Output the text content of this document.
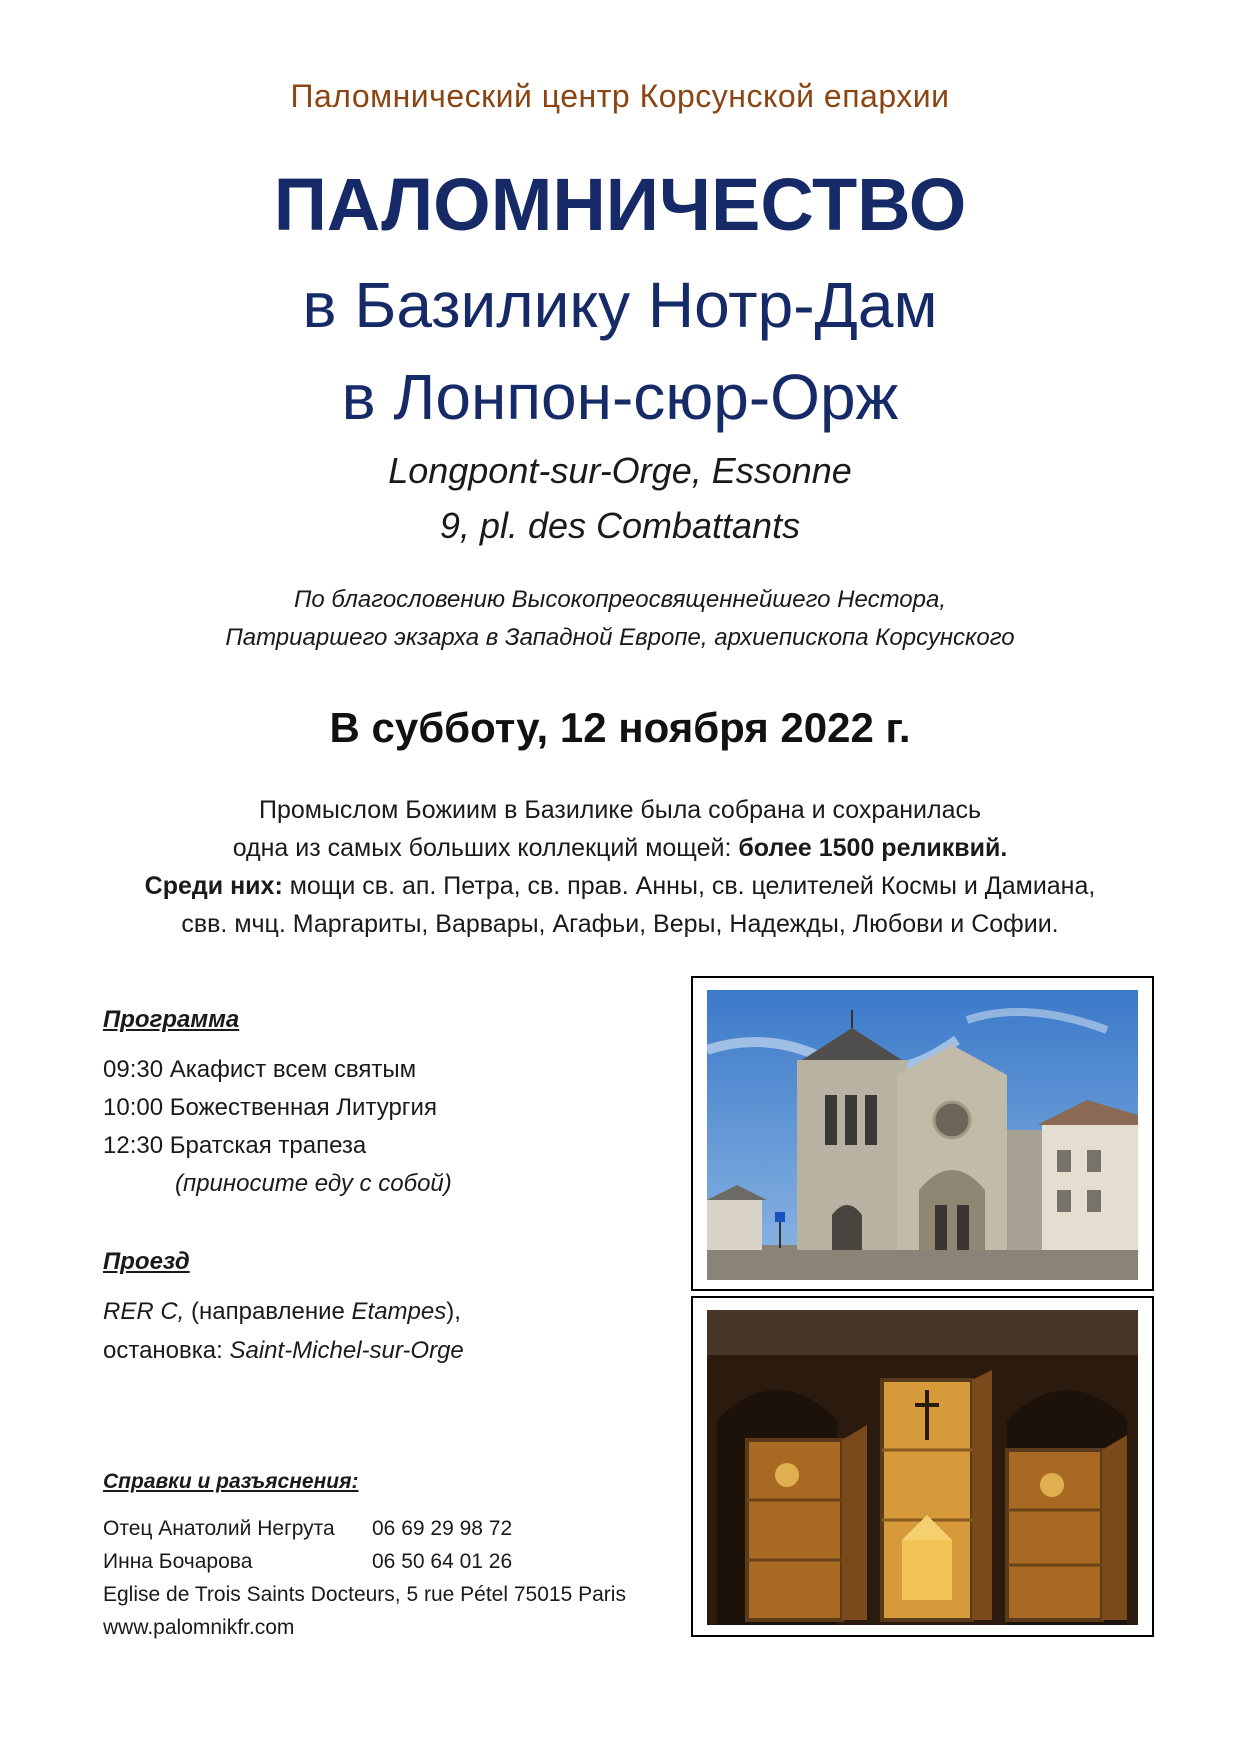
Паломнический центр Корсунской епархии
ПАЛОМНИЧЕСТВО
в Базилику Нотр-Дам
в Лонпон-сюр-Орж
Longpont-sur-Orge, Essonne
9, pl. des Combattants
По благословению Высокопреосвященнейшего Нестора,
Патриаршего экзарха в Западной Европе, архиепископа Корсунского
В субботу, 12 ноября 2022 г.
Промыслом Божиим в Базилике была собрана и сохранилась
одна из самых больших коллекций мощей: более 1500 реликвий.
Среди них: мощи св. ап. Петра, св. прав. Анны, св. целителей Космы и Дамиана,
свв. мчц. Маргариты, Варвары, Агафьи, Веры, Надежды, Любови и Софии.
Программа
09:30 Акафист всем святым
10:00 Божественная Литургия
12:30 Братская трапеза
(приносите еду с собой)
Проезд
RER C, (направление Etampes),
остановка: Saint-Michel-sur-Orge
Справки и разъяснения:
Отец Анатолий Негрута 06 69 29 98 72
Инна Бочарова	06 50 64 01 26
Eglise de Trois Saints Docteurs, 5 rue Pétel 75015 Paris
www.palomnikfr.com
